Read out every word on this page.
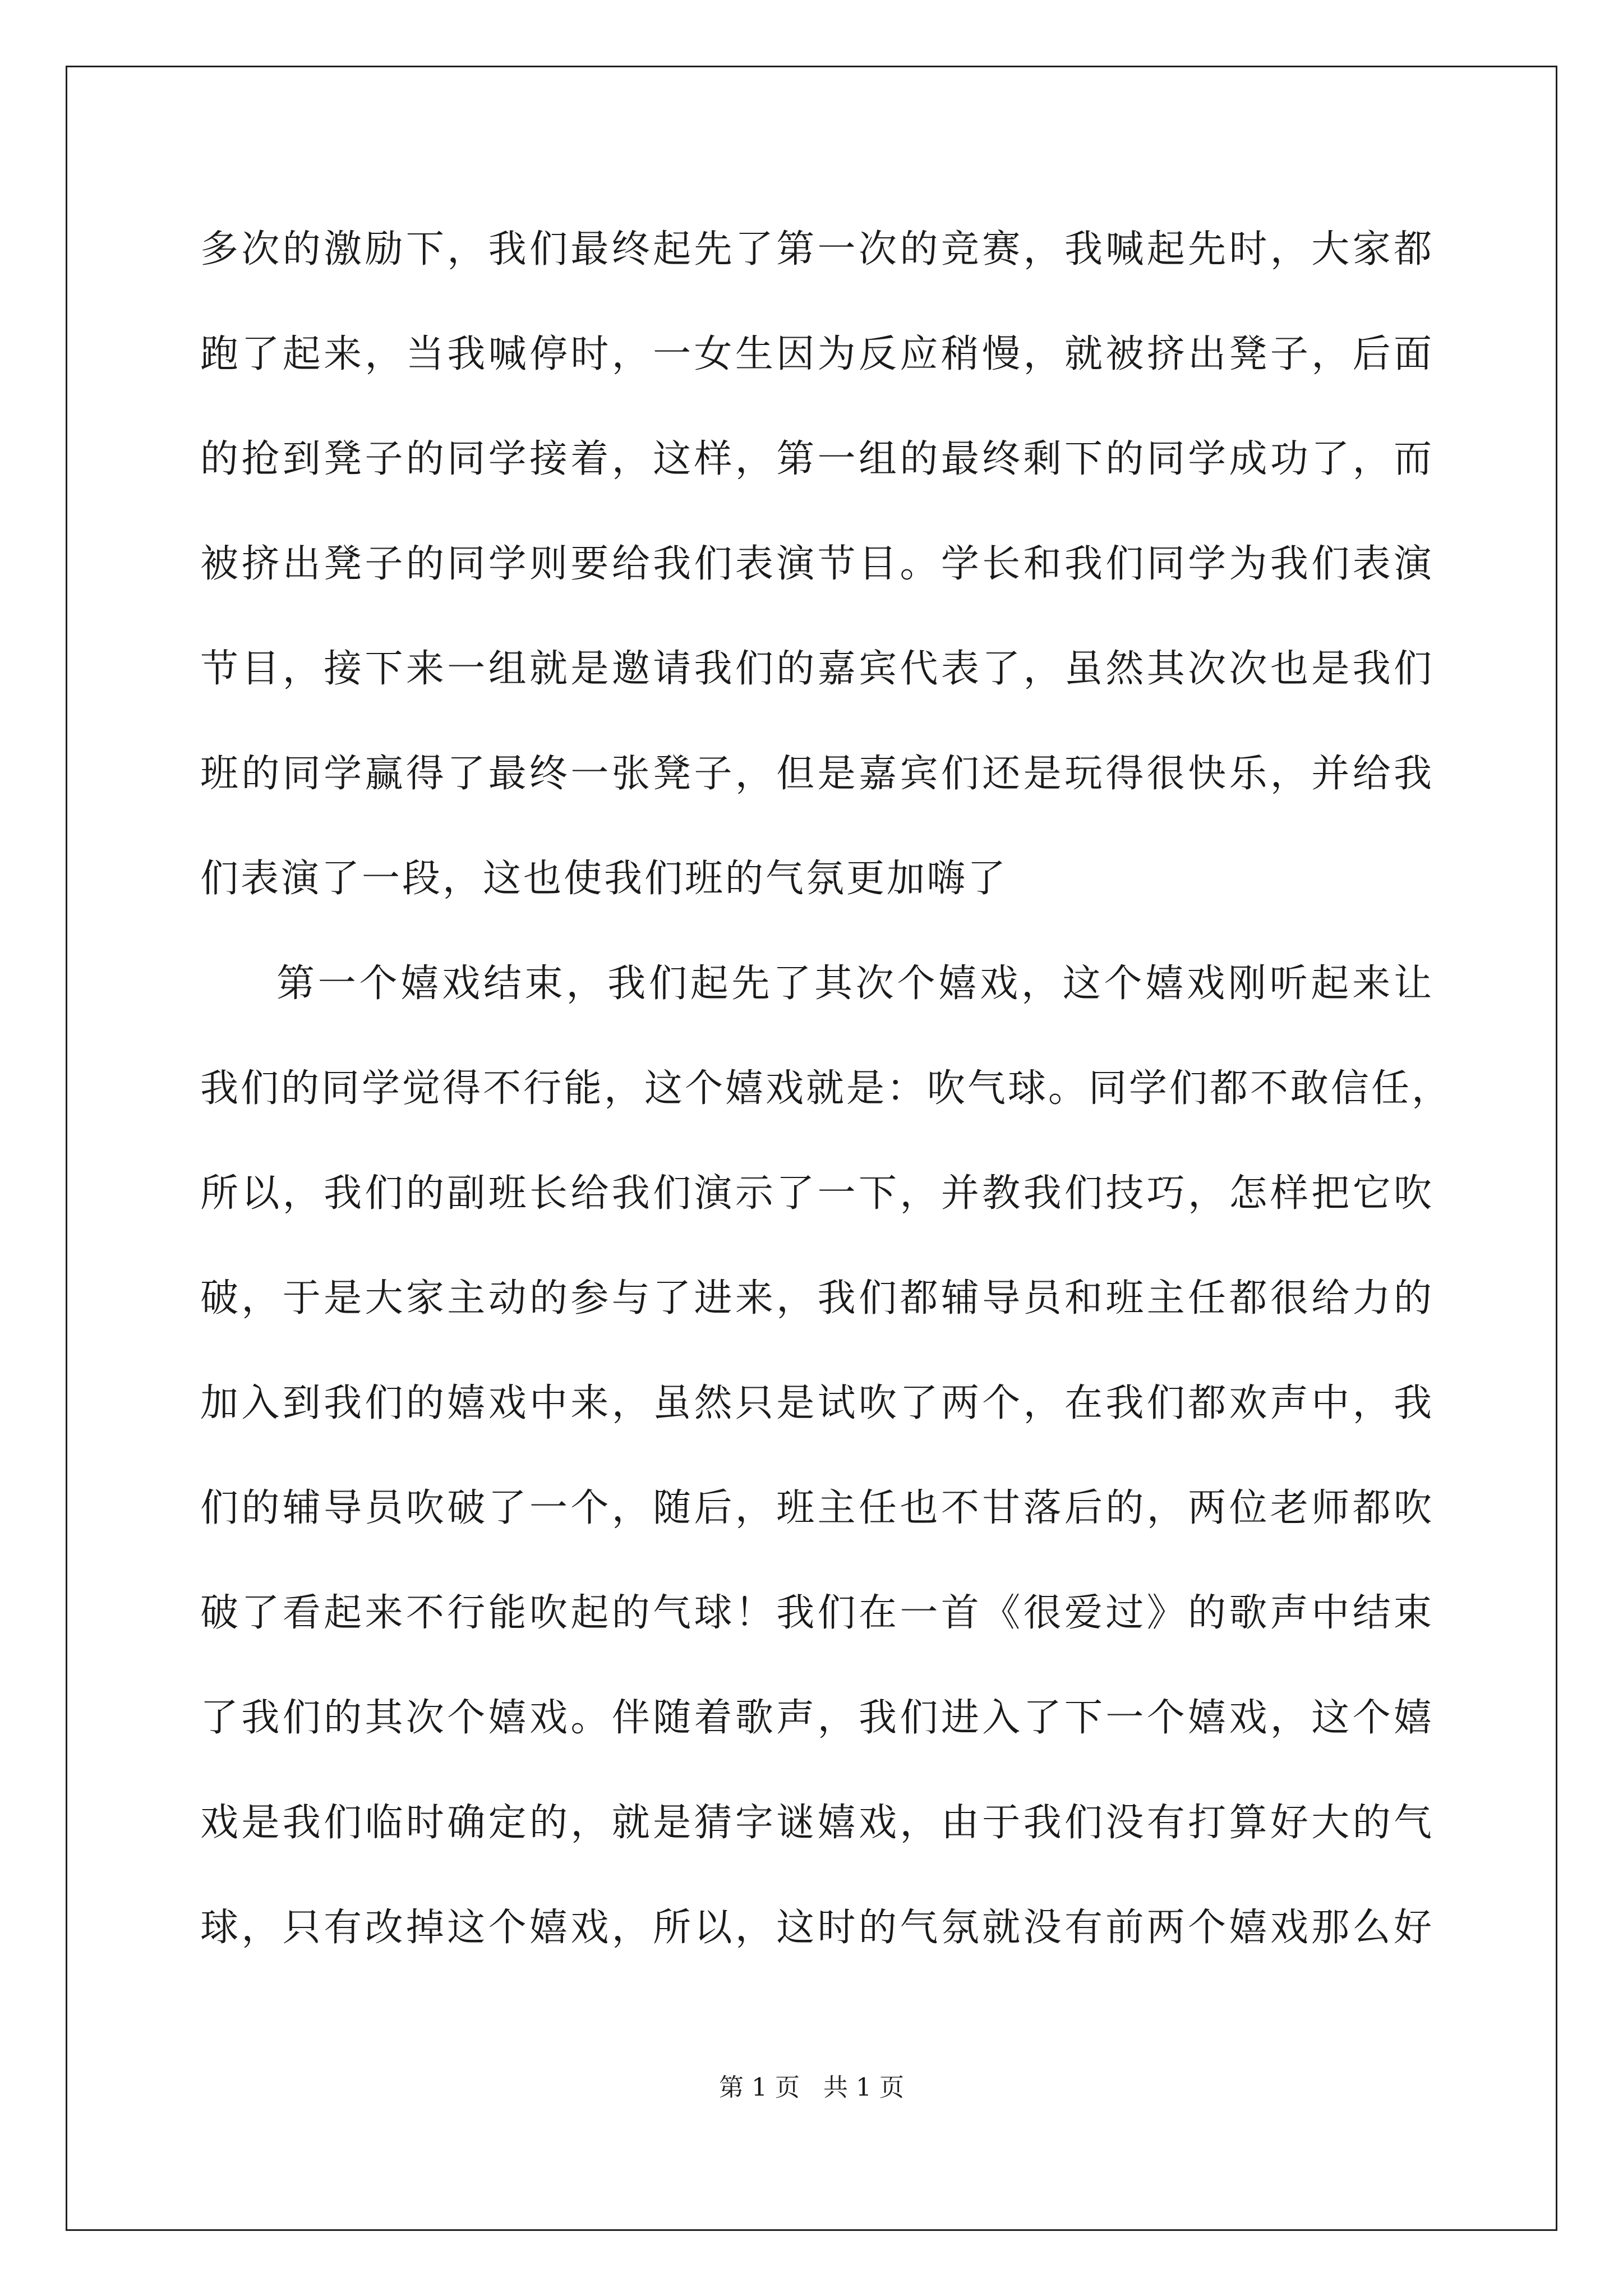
多次的激励下，我们最终起先了第一次的竞赛，我喊起先时，大家都
跑了起来，当我喊停时，一女生因为反应稍慢，就被挤出凳子，后面
的抢到凳子的同学接着，这样，第一组的最终剩下的同学成功了，而
被挤出凳子的同学则要给我们表演节目。学长和我们同学为我们表演
节目，接下来一组就是邀请我们的嘉宾代表了，虽然其次次也是我们
班的同学赢得了最终一张凳子，但是嘉宾们还是玩得很快乐，并给我
们表演了一段，这也使我们班的气氛更加嗨了
第一个嬉戏结束，我们起先了其次个嬉戏，这个嬉戏刚听起来让
我们的同学觉得不行能，这个嬉戏就是：吹气球。同学们都不敢信任，
所以，我们的副班长给我们演示了一下，并教我们技巧，怎样把它吹
破，于是大家主动的参与了进来，我们都辅导员和班主任都很给力的
加入到我们的嬉戏中来，虽然只是试吹了两个，在我们都欢声中，我
们的辅导员吹破了一个，随后，班主任也不甘落后的，两位老师都吹
破了看起来不行能吹起的气球！我们在一首《很爱过》的歌声中结束
了我们的其次个嬉戏。伴随着歌声，我们进入了下一个嬉戏，这个嬉
戏是我们临时确定的，就是猜字谜嬉戏，由于我们没有打算好大的气
球，只有改掉这个嬉戏，所以，这时的气氛就没有前两个嬉戏那么好
第 1 页   共 1 页
